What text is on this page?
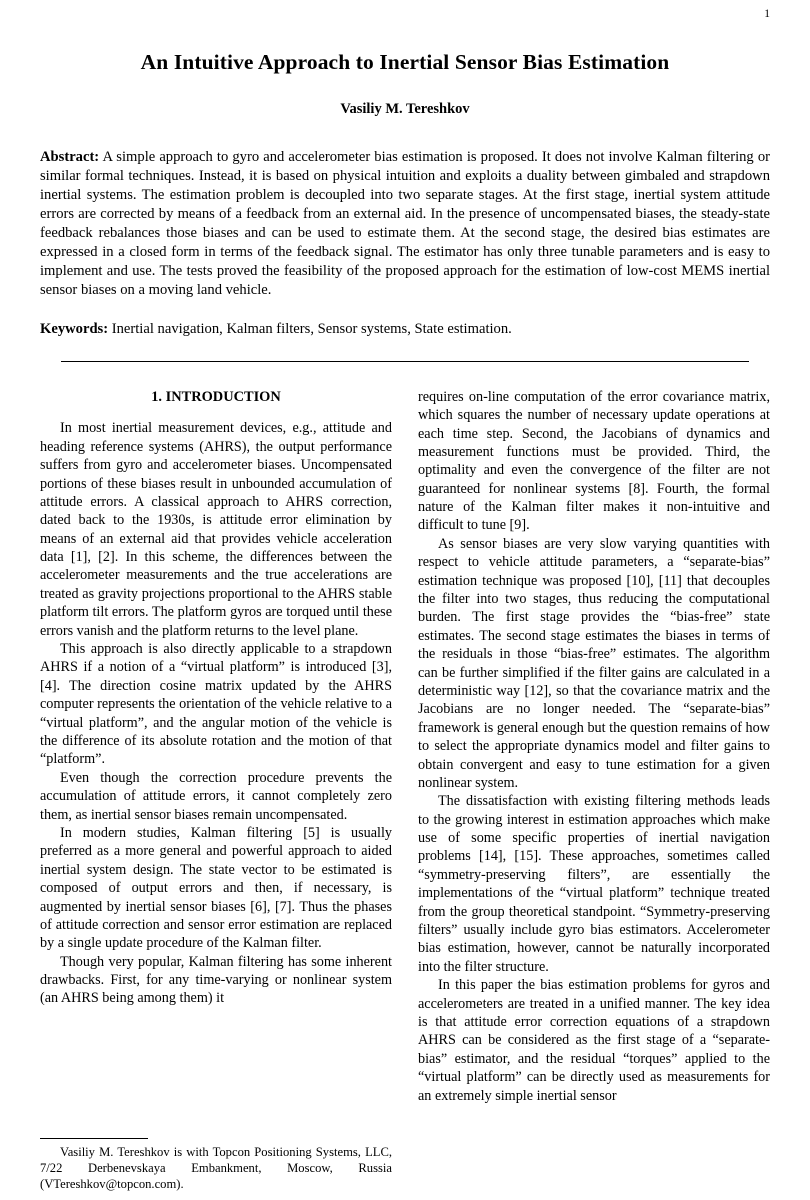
1
An Intuitive Approach to Inertial Sensor Bias Estimation
Vasiliy M. Tereshkov
Abstract: A simple approach to gyro and accelerometer bias estimation is proposed. It does not involve Kalman filtering or similar formal techniques. Instead, it is based on physical intuition and exploits a duality between gimbaled and strapdown inertial systems. The estimation problem is decoupled into two separate stages. At the first stage, inertial system attitude errors are corrected by means of a feedback from an external aid. In the presence of uncompensated biases, the steady-state feedback rebalances those biases and can be used to estimate them. At the second stage, the desired bias estimates are expressed in a closed form in terms of the feedback signal. The estimator has only three tunable parameters and is easy to implement and use. The tests proved the feasibility of the proposed approach for the estimation of low-cost MEMS inertial sensor biases on a moving land vehicle.
Keywords: Inertial navigation, Kalman filters, Sensor systems, State estimation.
1. INTRODUCTION

In most inertial measurement devices, e.g., attitude and heading reference systems (AHRS), the output performance suffers from gyro and accelerometer biases. Uncompensated portions of these biases result in unbounded accumulation of attitude errors. A classical approach to AHRS correction, dated back to the 1930s, is attitude error elimination by means of an external aid that provides vehicle acceleration data [1], [2]. In this scheme, the differences between the accelerometer measurements and the true accelerations are treated as gravity projections proportional to the AHRS stable platform tilt errors. The platform gyros are torqued until these errors vanish and the platform returns to the level plane.

This approach is also directly applicable to a strapdown AHRS if a notion of a “virtual platform” is introduced [3], [4]. The direction cosine matrix updated by the AHRS computer represents the orientation of the vehicle relative to a “virtual platform”, and the angular motion of the vehicle is the difference of its absolute rotation and the motion of that “platform”.

Even though the correction procedure prevents the accumulation of attitude errors, it cannot completely zero them, as inertial sensor biases remain uncompensated.

In modern studies, Kalman filtering [5] is usually preferred as a more general and powerful approach to aided inertial system design. The state vector to be estimated is composed of output errors and then, if necessary, is augmented by inertial sensor biases [6], [7]. Thus the phases of attitude correction and sensor error estimation are replaced by a single update procedure of the Kalman filter.

Though very popular, Kalman filtering has some inherent drawbacks. First, for any time-varying or nonlinear system (an AHRS being among them) it

requires on-line computation of the error covariance matrix, which squares the number of necessary update operations at each time step. Second, the Jacobians of dynamics and measurement functions must be provided. Third, the optimality and even the convergence of the filter are not guaranteed for nonlinear systems [8]. Fourth, the formal nature of the Kalman filter makes it non-intuitive and difficult to tune [9].

As sensor biases are very slow varying quantities with respect to vehicle attitude parameters, a “separate-bias” estimation technique was proposed [10], [11] that decouples the filter into two stages, thus reducing the computational burden. The first stage provides the “bias-free” state estimates. The second stage estimates the biases in terms of the residuals in those “bias-free” estimates. The algorithm can be further simplified if the filter gains are calculated in a deterministic way [12], so that the covariance matrix and the Jacobians are no longer needed. The “separate-bias” framework is general enough but the question remains of how to select the appropriate dynamics model and filter gains to obtain convergent and easy to tune estimation for a given nonlinear system.

The dissatisfaction with existing filtering methods leads to the growing interest in estimation approaches which make use of some specific properties of inertial navigation problems [14], [15]. These approaches, sometimes called “symmetry-preserving filters”, are essentially the implementations of the “virtual platform” technique treated from the group theoretical standpoint. “Symmetry-preserving filters” usually include gyro bias estimators. Accelerometer bias estimation, however, cannot be naturally incorporated into the filter structure.

In this paper the bias estimation problems for gyros and accelerometers are treated in a unified manner. The key idea is that attitude error correction equations of a strapdown AHRS can be considered as the first stage of a “separate-bias” estimator, and the residual “torques” applied to the “virtual platform” can be directly used as measurements for an extremely simple inertial sensor

Vasiliy M. Tereshkov is with Topcon Positioning Systems, LLC, 7/22 Derbenevskaya Embankment, Moscow, Russia (VTereshkov@topcon.com).
